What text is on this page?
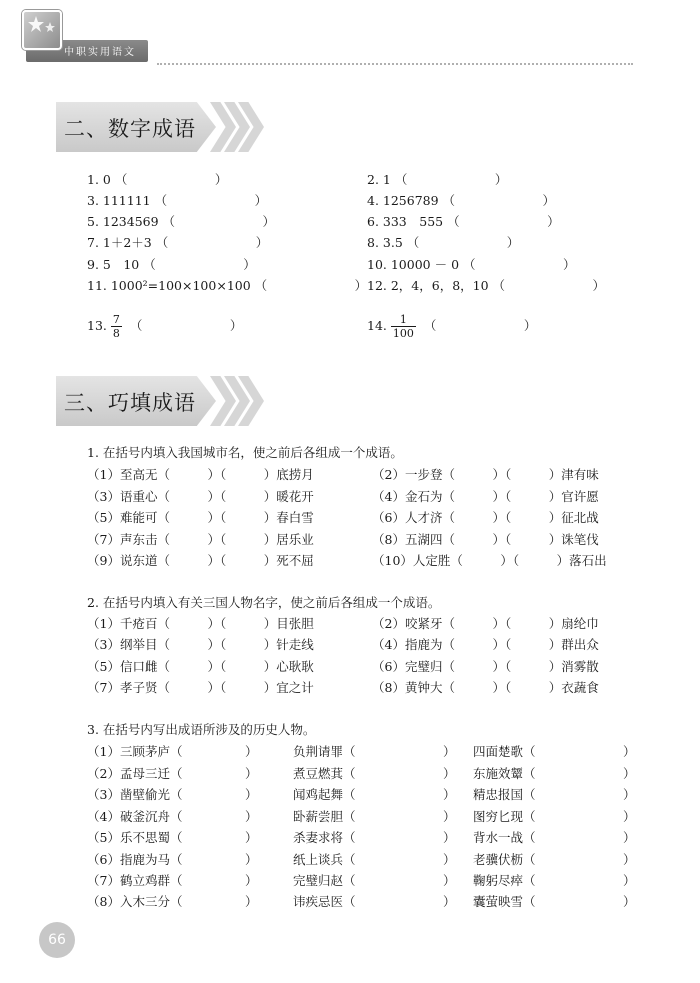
中职实用语文
二、数字成语
1. 0 （　　　　　　　）	2. 1 （　　　　　　　）
3. 111111 （　　　　　　　）	4. 1256789 （　　　　　　　）
5. 1234569 （　　　　　　　）	6. 333　555 （　　　　　　　）
7. 1＋2＋3 （　　　　　　　）	8. 3.5 （　　　　　　　）
9. 5　10 （　　　　　　　）	10. 10000 － 0 （　　　　　　　）
11. 1000²=100×100×100 （　　　　　　　） 12. 2，4，6，8，10 （　　　　　　　）
13. $\frac{7}{8}$ （　　　　　　　）	14. $\frac{1}{100}$ （　　　　　　　）
三、巧填成语
1. 在括号内填入我国城市名，使之前后各组成一个成语。
（1）至高无（　　　）（　　　）底捞月	（2）一步登（　　　）（　　　）津有味
（3）语重心（　　　）（　　　）暖花开	（4）金石为（　　　）（　　　）官许愿
（5）难能可（　　　）（　　　）春白雪	（6）人才济（　　　）（　　　）征北战
（7）声东击（　　　）（　　　）居乐业	（8）五湖四（　　　）（　　　）诛笔伐
（9）说东道（　　　）（　　　）死不屈	（10）人定胜（　　　）（　　　）落石出
2. 在括号内填入有关三国人物名字，使之前后各组成一个成语。
（1）千疮百（　　　）（　　　）目张胆	（2）咬紧牙（　　　）（　　　）扇纶巾
（3）纲举目（　　　）（　　　）针走线	（4）指鹿为（　　　）（　　　）群出众
（5）信口雌（　　　）（　　　）心耿耿	（6）完璧归（　　　）（　　　）消雾散
（7）孝子贤（　　　）（　　　）宜之计	（8）黄钟大（　　　）（　　　）衣蔬食
3. 在括号内写出成语所涉及的历史人物。
（1）三顾茅庐（　　　　　）	负荆请罪（　　　　　　　） 四面楚歌（　　　　　　　）
（2）孟母三迁（　　　　　）	煮豆燃萁（　　　　　　　） 东施效颦（　　　　　　　）
（3）凿壁偷光（　　　　　）	闻鸡起舞（　　　　　　　） 精忠报国（　　　　　　　）
（4）破釜沉舟（　　　　　）	卧薪尝胆（　　　　　　　） 图穷匕现（　　　　　　　）
（5）乐不思蜀（　　　　　）	杀妻求将（　　　　　　　） 背水一战（　　　　　　　）
（6）指鹿为马（　　　　　）	纸上谈兵（　　　　　　　） 老骥伏枥（　　　　　　　）
（7）鹤立鸡群（　　　　　）	完璧归赵（　　　　　　　） 鞠躬尽瘁（　　　　　　　）
（8）入木三分（　　　　　）	讳疾忌医（　　　　　　　） 囊萤映雪（　　　　　　　）
66
